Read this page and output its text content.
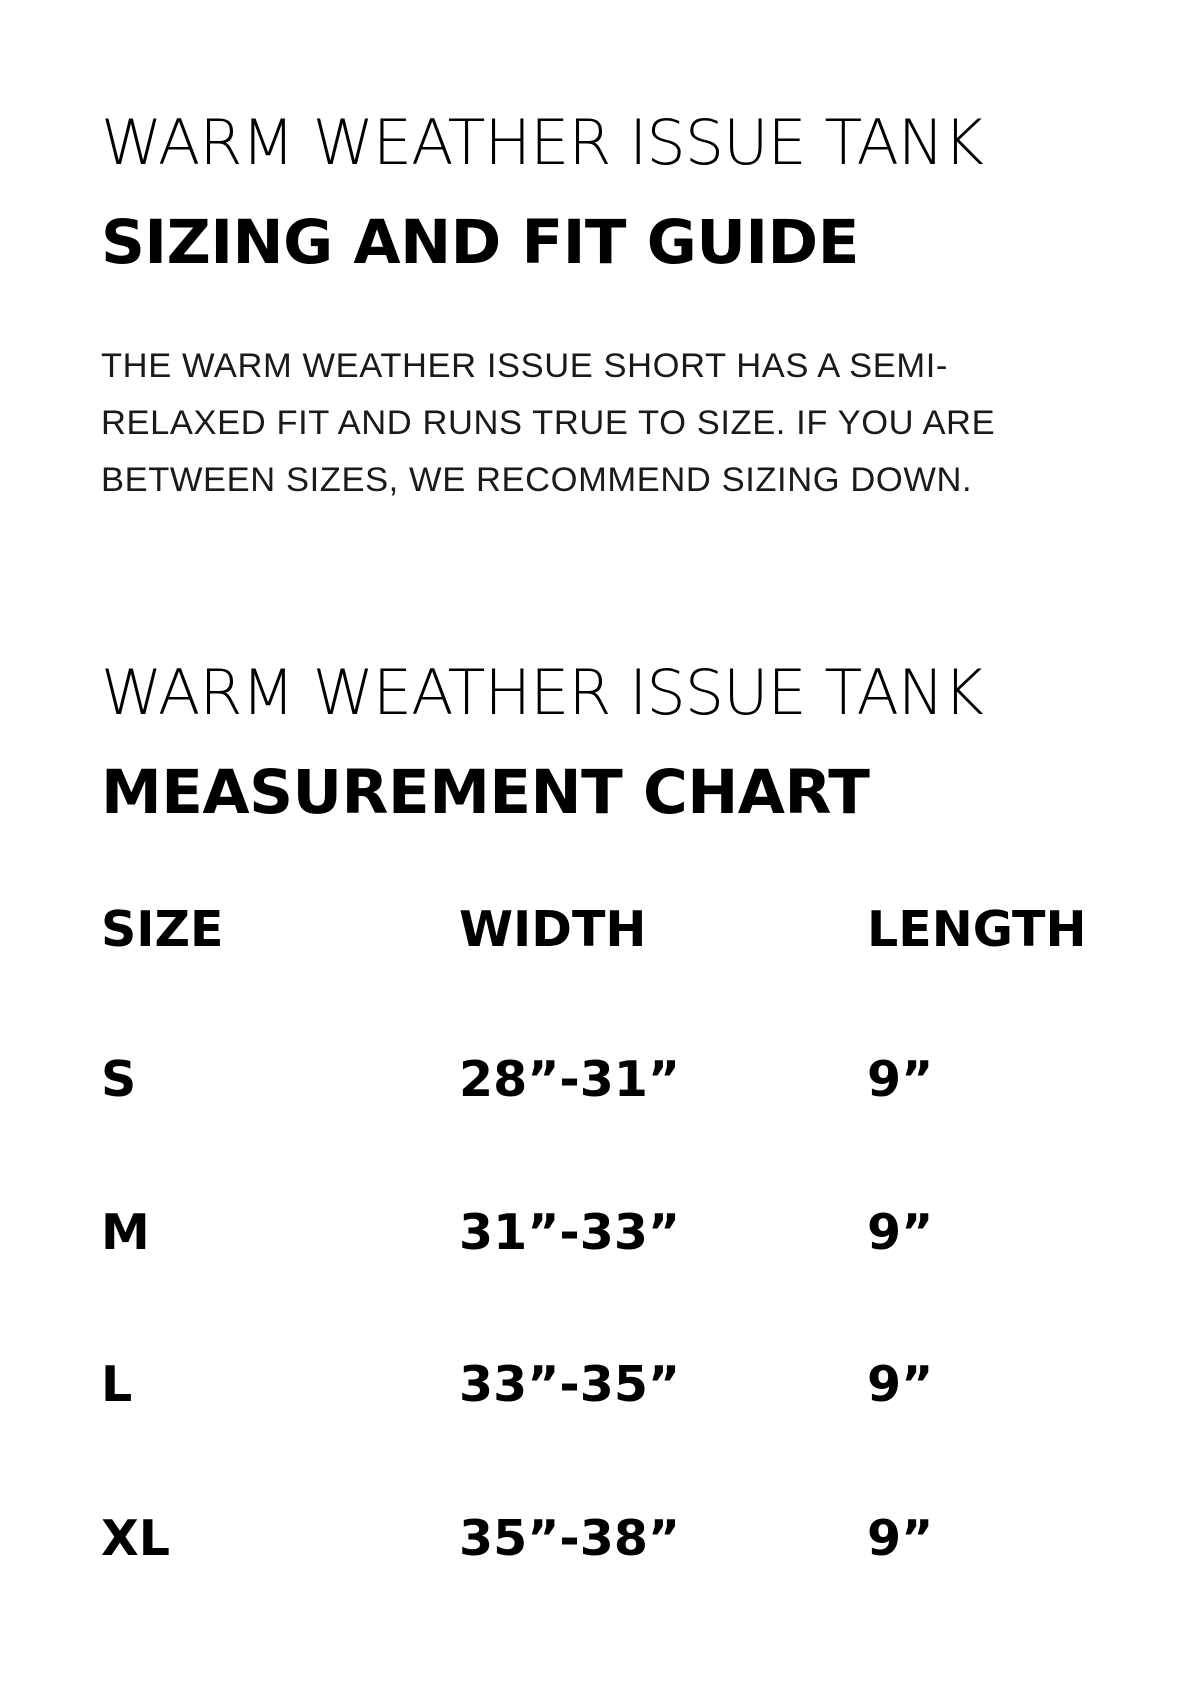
WARM WEATHER ISSUE TANK
SIZING AND FIT GUIDE
THE WARM WEATHER ISSUE SHORT HAS A SEMI-RELAXED FIT AND RUNS TRUE TO SIZE. IF YOU ARE BETWEEN SIZES, WE RECOMMEND SIZING DOWN.
WARM WEATHER ISSUE TANK
MEASUREMENT CHART
SIZE	WIDTH	LENGTH
S	28”-31”	9”
M	31”-33”	9”
L	33”-35”	9”
XL	35”-38”	9”
